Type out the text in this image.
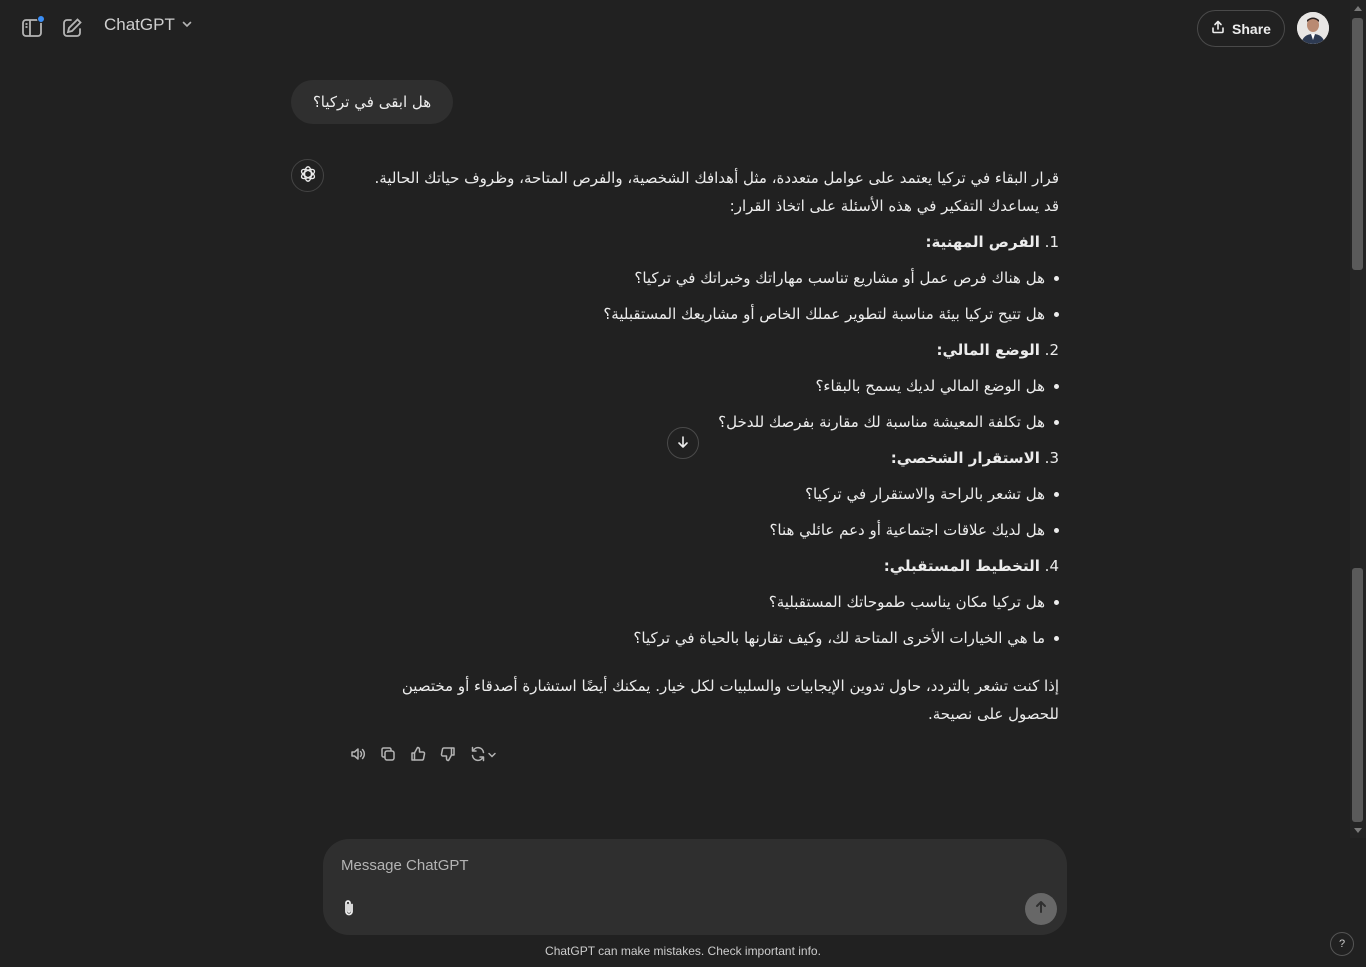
ChatGPT	Share
هل ابقى في تركيا؟
قرار البقاء في تركيا يعتمد على عوامل متعددة، مثل أهدافك الشخصية، والفرص المتاحة، وظروف حياتك الحالية.
قد يساعدك التفكير في هذه الأسئلة على اتخاذ القرار:
1. الفرص المهنية:
هل هناك فرص عمل أو مشاريع تناسب مهاراتك وخبراتك في تركيا؟
هل تتيح تركيا بيئة مناسبة لتطوير عملك الخاص أو مشاريعك المستقبلية؟
2. الوضع المالي:
هل الوضع المالي لديك يسمح بالبقاء؟
هل تكلفة المعيشة مناسبة لك مقارنة بفرصك للدخل؟
3. الاستقرار الشخصي:
هل تشعر بالراحة والاستقرار في تركيا؟
هل لديك علاقات اجتماعية أو دعم عائلي هنا؟
4. التخطيط المستقبلي:
هل تركيا مكان يناسب طموحاتك المستقبلية؟
ما هي الخيارات الأخرى المتاحة لك، وكيف تقارنها بالحياة في تركيا؟
إذا كنت تشعر بالتردد، حاول تدوين الإيجابيات والسلبيات لكل خيار. يمكنك أيضًا استشارة أصدقاء أو مختصين
للحصول على نصيحة.
Message ChatGPT
ChatGPT can make mistakes. Check important info.	?
